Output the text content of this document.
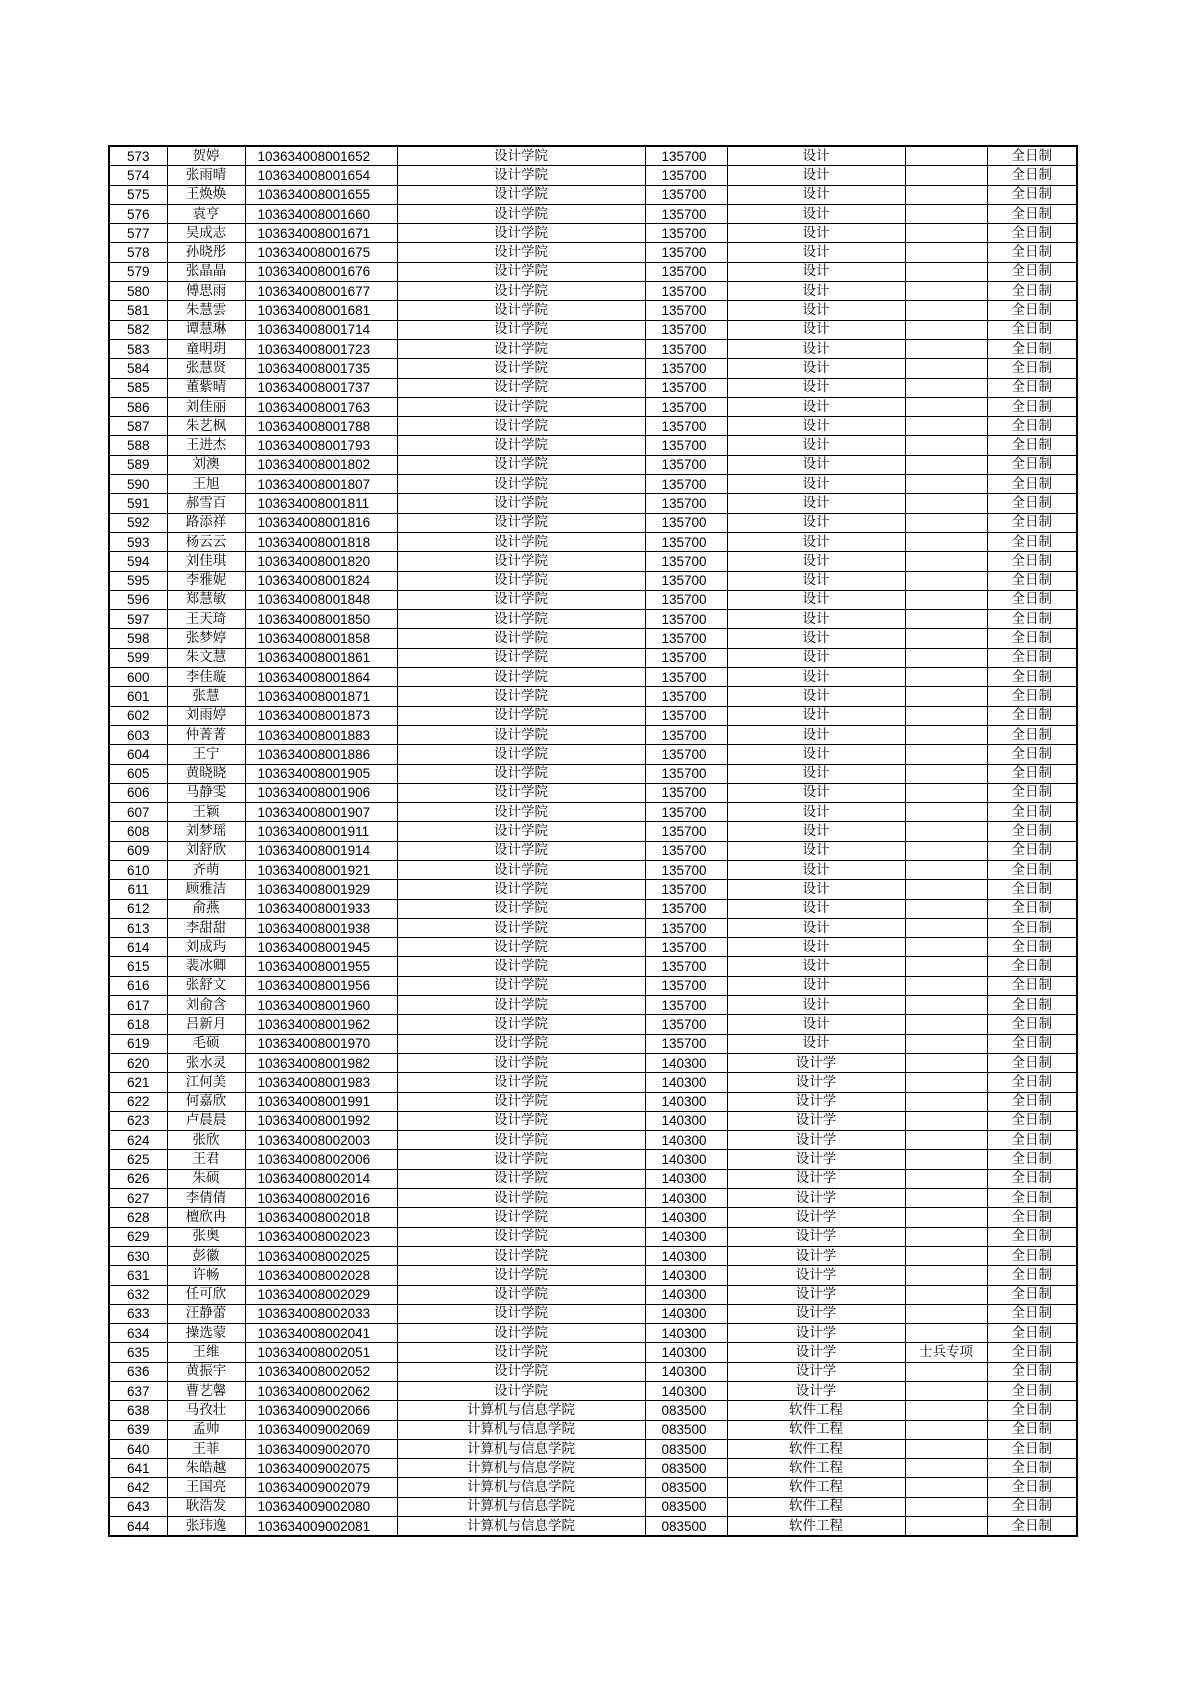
573	贺婷	103634008001652	设计学院	135700	设计		全日制
574	张雨晴	103634008001654	设计学院	135700	设计		全日制
575	王焕焕	103634008001655	设计学院	135700	设计		全日制
576	袁亨	103634008001660	设计学院	135700	设计		全日制
577	吴成志	103634008001671	设计学院	135700	设计		全日制
578	孙晓彤	103634008001675	设计学院	135700	设计		全日制
579	张晶晶	103634008001676	设计学院	135700	设计		全日制
580	傅思雨	103634008001677	设计学院	135700	设计		全日制
581	朱慧雲	103634008001681	设计学院	135700	设计		全日制
582	谭慧琳	103634008001714	设计学院	135700	设计		全日制
583	童明玥	103634008001723	设计学院	135700	设计		全日制
584	张慧贤	103634008001735	设计学院	135700	设计		全日制
585	董紫晴	103634008001737	设计学院	135700	设计		全日制
586	刘佳丽	103634008001763	设计学院	135700	设计		全日制
587	朱艺枫	103634008001788	设计学院	135700	设计		全日制
588	王进杰	103634008001793	设计学院	135700	设计		全日制
589	刘澳	103634008001802	设计学院	135700	设计		全日制
590	王旭	103634008001807	设计学院	135700	设计		全日制
591	郝雪百	103634008001811	设计学院	135700	设计		全日制
592	路添祥	103634008001816	设计学院	135700	设计		全日制
593	杨云云	103634008001818	设计学院	135700	设计		全日制
594	刘佳琪	103634008001820	设计学院	135700	设计		全日制
595	李雅妮	103634008001824	设计学院	135700	设计		全日制
596	郑慧敏	103634008001848	设计学院	135700	设计		全日制
597	王天琦	103634008001850	设计学院	135700	设计		全日制
598	张梦婷	103634008001858	设计学院	135700	设计		全日制
599	朱文慧	103634008001861	设计学院	135700	设计		全日制
600	李佳璇	103634008001864	设计学院	135700	设计		全日制
601	张慧	103634008001871	设计学院	135700	设计		全日制
602	刘雨婷	103634008001873	设计学院	135700	设计		全日制
603	仲菁菁	103634008001883	设计学院	135700	设计		全日制
604	王宁	103634008001886	设计学院	135700	设计		全日制
605	黄晓晓	103634008001905	设计学院	135700	设计		全日制
606	马静雯	103634008001906	设计学院	135700	设计		全日制
607	王颖	103634008001907	设计学院	135700	设计		全日制
608	刘梦瑶	103634008001911	设计学院	135700	设计		全日制
609	刘舒欣	103634008001914	设计学院	135700	设计		全日制
610	齐萌	103634008001921	设计学院	135700	设计		全日制
611	顾雅洁	103634008001929	设计学院	135700	设计		全日制
612	俞燕	103634008001933	设计学院	135700	设计		全日制
613	李甜甜	103634008001938	设计学院	135700	设计		全日制
614	刘成玙	103634008001945	设计学院	135700	设计		全日制
615	裴冰卿	103634008001955	设计学院	135700	设计		全日制
616	张舒文	103634008001956	设计学院	135700	设计		全日制
617	刘俞含	103634008001960	设计学院	135700	设计		全日制
618	吕新月	103634008001962	设计学院	135700	设计		全日制
619	毛硕	103634008001970	设计学院	135700	设计		全日制
620	张水灵	103634008001982	设计学院	140300	设计学		全日制
621	江何美	103634008001983	设计学院	140300	设计学		全日制
622	何嘉欣	103634008001991	设计学院	140300	设计学		全日制
623	卢晨晨	103634008001992	设计学院	140300	设计学		全日制
624	张欣	103634008002003	设计学院	140300	设计学		全日制
625	王君	103634008002006	设计学院	140300	设计学		全日制
626	朱硕	103634008002014	设计学院	140300	设计学		全日制
627	李倩倩	103634008002016	设计学院	140300	设计学		全日制
628	檀欣冉	103634008002018	设计学院	140300	设计学		全日制
629	张奥	103634008002023	设计学院	140300	设计学		全日制
630	彭徽	103634008002025	设计学院	140300	设计学		全日制
631	许畅	103634008002028	设计学院	140300	设计学		全日制
632	任可欣	103634008002029	设计学院	140300	设计学		全日制
633	汪静蕾	103634008002033	设计学院	140300	设计学		全日制
634	操选蒙	103634008002041	设计学院	140300	设计学		全日制
635	王维	103634008002051	设计学院	140300	设计学	士兵专项	全日制
636	黄振宇	103634008002052	设计学院	140300	设计学		全日制
637	曹艺馨	103634008002062	设计学院	140300	设计学		全日制
638	马孜壮	103634009002066	计算机与信息学院	083500	软件工程		全日制
639	孟帅	103634009002069	计算机与信息学院	083500	软件工程		全日制
640	王菲	103634009002070	计算机与信息学院	083500	软件工程		全日制
641	朱皓越	103634009002075	计算机与信息学院	083500	软件工程		全日制
642	王国亮	103634009002079	计算机与信息学院	083500	软件工程		全日制
643	耿浩发	103634009002080	计算机与信息学院	083500	软件工程		全日制
644	张玮逸	103634009002081	计算机与信息学院	083500	软件工程		全日制
